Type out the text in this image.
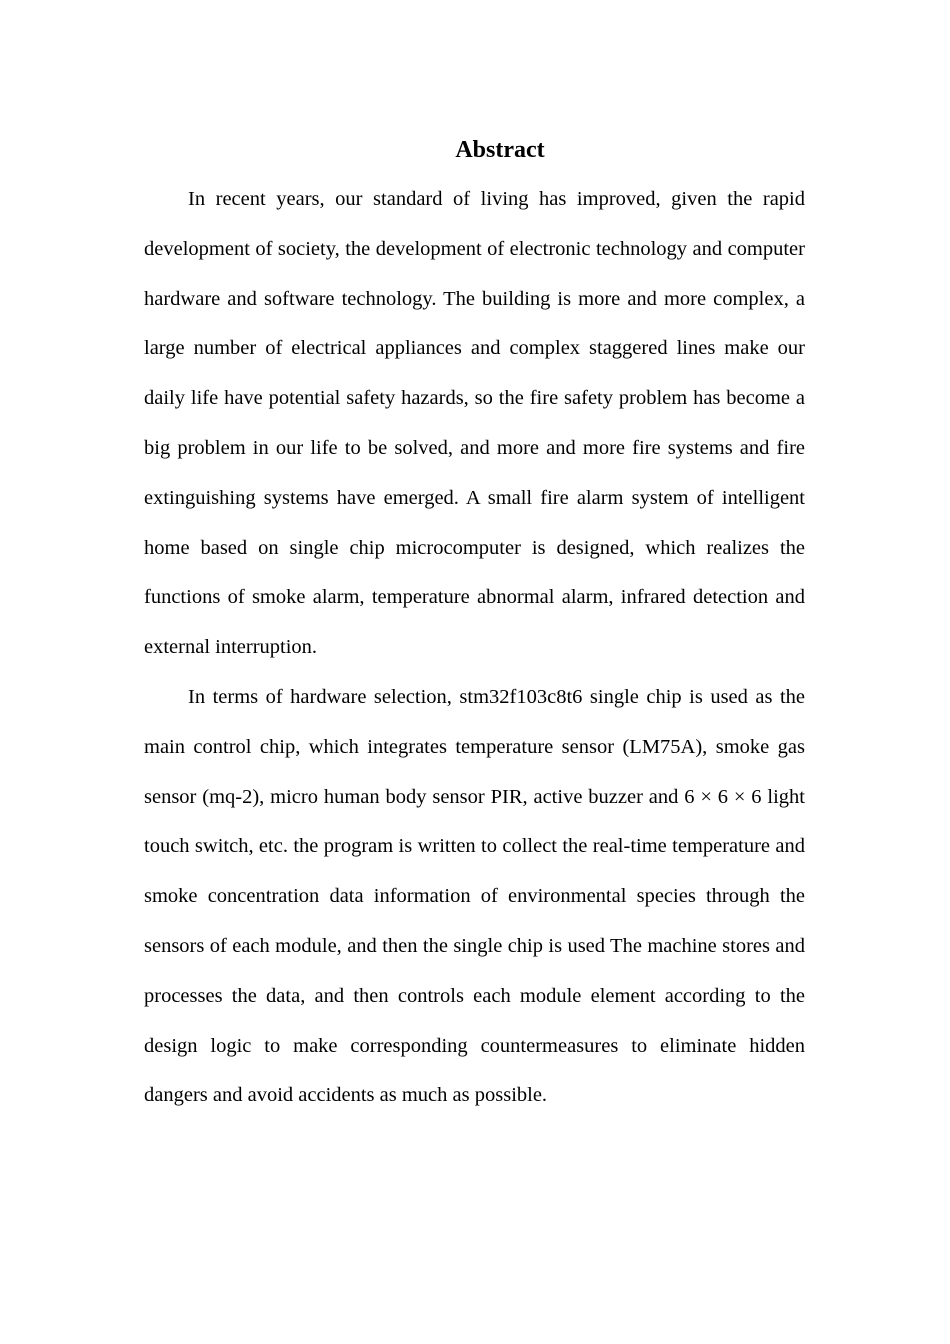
Abstract

In recent years, our standard of living has improved, given the rapid development of society, the development of electronic technology and computer hardware and software technology. The building is more and more complex, a large number of electrical appliances and complex staggered lines make our daily life have potential safety hazards, so the fire safety problem has become a big problem in our life to be solved, and more and more fire systems and fire extinguishing systems have emerged. A small fire alarm system of intelligent home based on single chip microcomputer is designed, which realizes the functions of smoke alarm, temperature abnormal alarm, infrared detection and external interruption.

In terms of hardware selection, stm32f103c8t6 single chip is used as the main control chip, which integrates temperature sensor (LM75A), smoke gas sensor (mq-2), micro human body sensor PIR, active buzzer and 6 × 6 × 6 light touch switch, etc. the program is written to collect the real-time temperature and smoke concentration data information of environmental species through the sensors of each module, and then the single chip is used The machine stores and processes the data, and then controls each module element according to the design logic to make corresponding countermeasures to eliminate hidden dangers and avoid accidents as much as possible.
